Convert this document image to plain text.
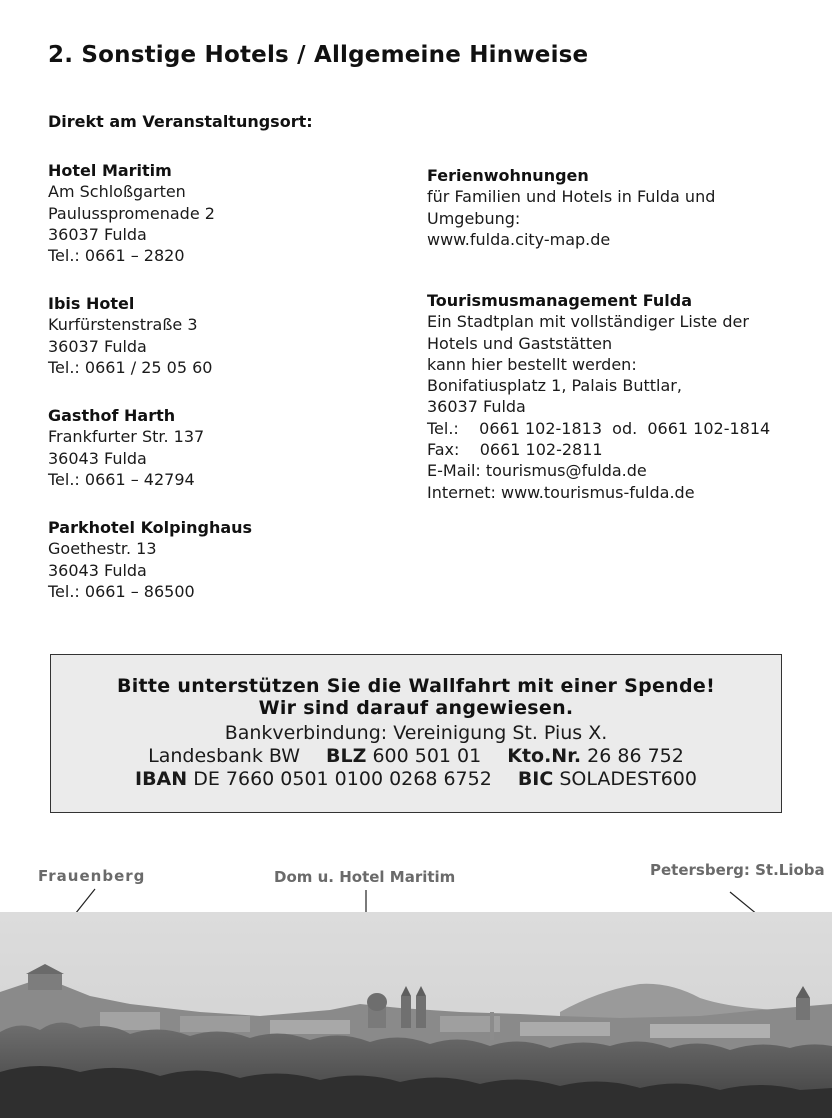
2. Sonstige Hotels / Allgemeine Hinweise
Direkt am Veranstaltungsort:
Hotel Maritim
Am Schloßgarten
Paulusspromenade 2
36037 Fulda
Tel.: 0661 – 2820
Ibis Hotel
Kurfürstenstraße 3
36037 Fulda
Tel.: 0661 / 25 05 60
Gasthof Harth
Frankfurter Str. 137
36043 Fulda
Tel.: 0661 – 42794
Parkhotel Kolpinghaus
Goethestr. 13
36043 Fulda
Tel.: 0661 – 86500
Ferienwohnungen
für Familien und Hotels in Fulda und
Umgebung:
www.fulda.city-map.de
Tourismusmanagement Fulda
Ein Stadtplan mit vollständiger Liste der
Hotels und Gaststätten
kann hier bestellt werden:
Bonifatiusplatz 1, Palais Buttlar,
36037 Fulda
Tel.:    0661 102-1813  od.  0661 102-1814
Fax:    0661 102-2811
E-Mail: tourismus@fulda.de
Internet: www.tourismus-fulda.de
Bitte unterstützen Sie die Wallfahrt mit einer Spende!
Wir sind darauf angewiesen.
Bankverbindung: Vereinigung St. Pius X.
Landesbank BW BLZ 600 501 01 Kto.Nr. 26 86 752
IBAN DE 7660 0501 0100 0268 6752 BIC SOLADEST600
Frauenberg	Dom u. Hotel Maritim	Petersberg: St.Lioba
